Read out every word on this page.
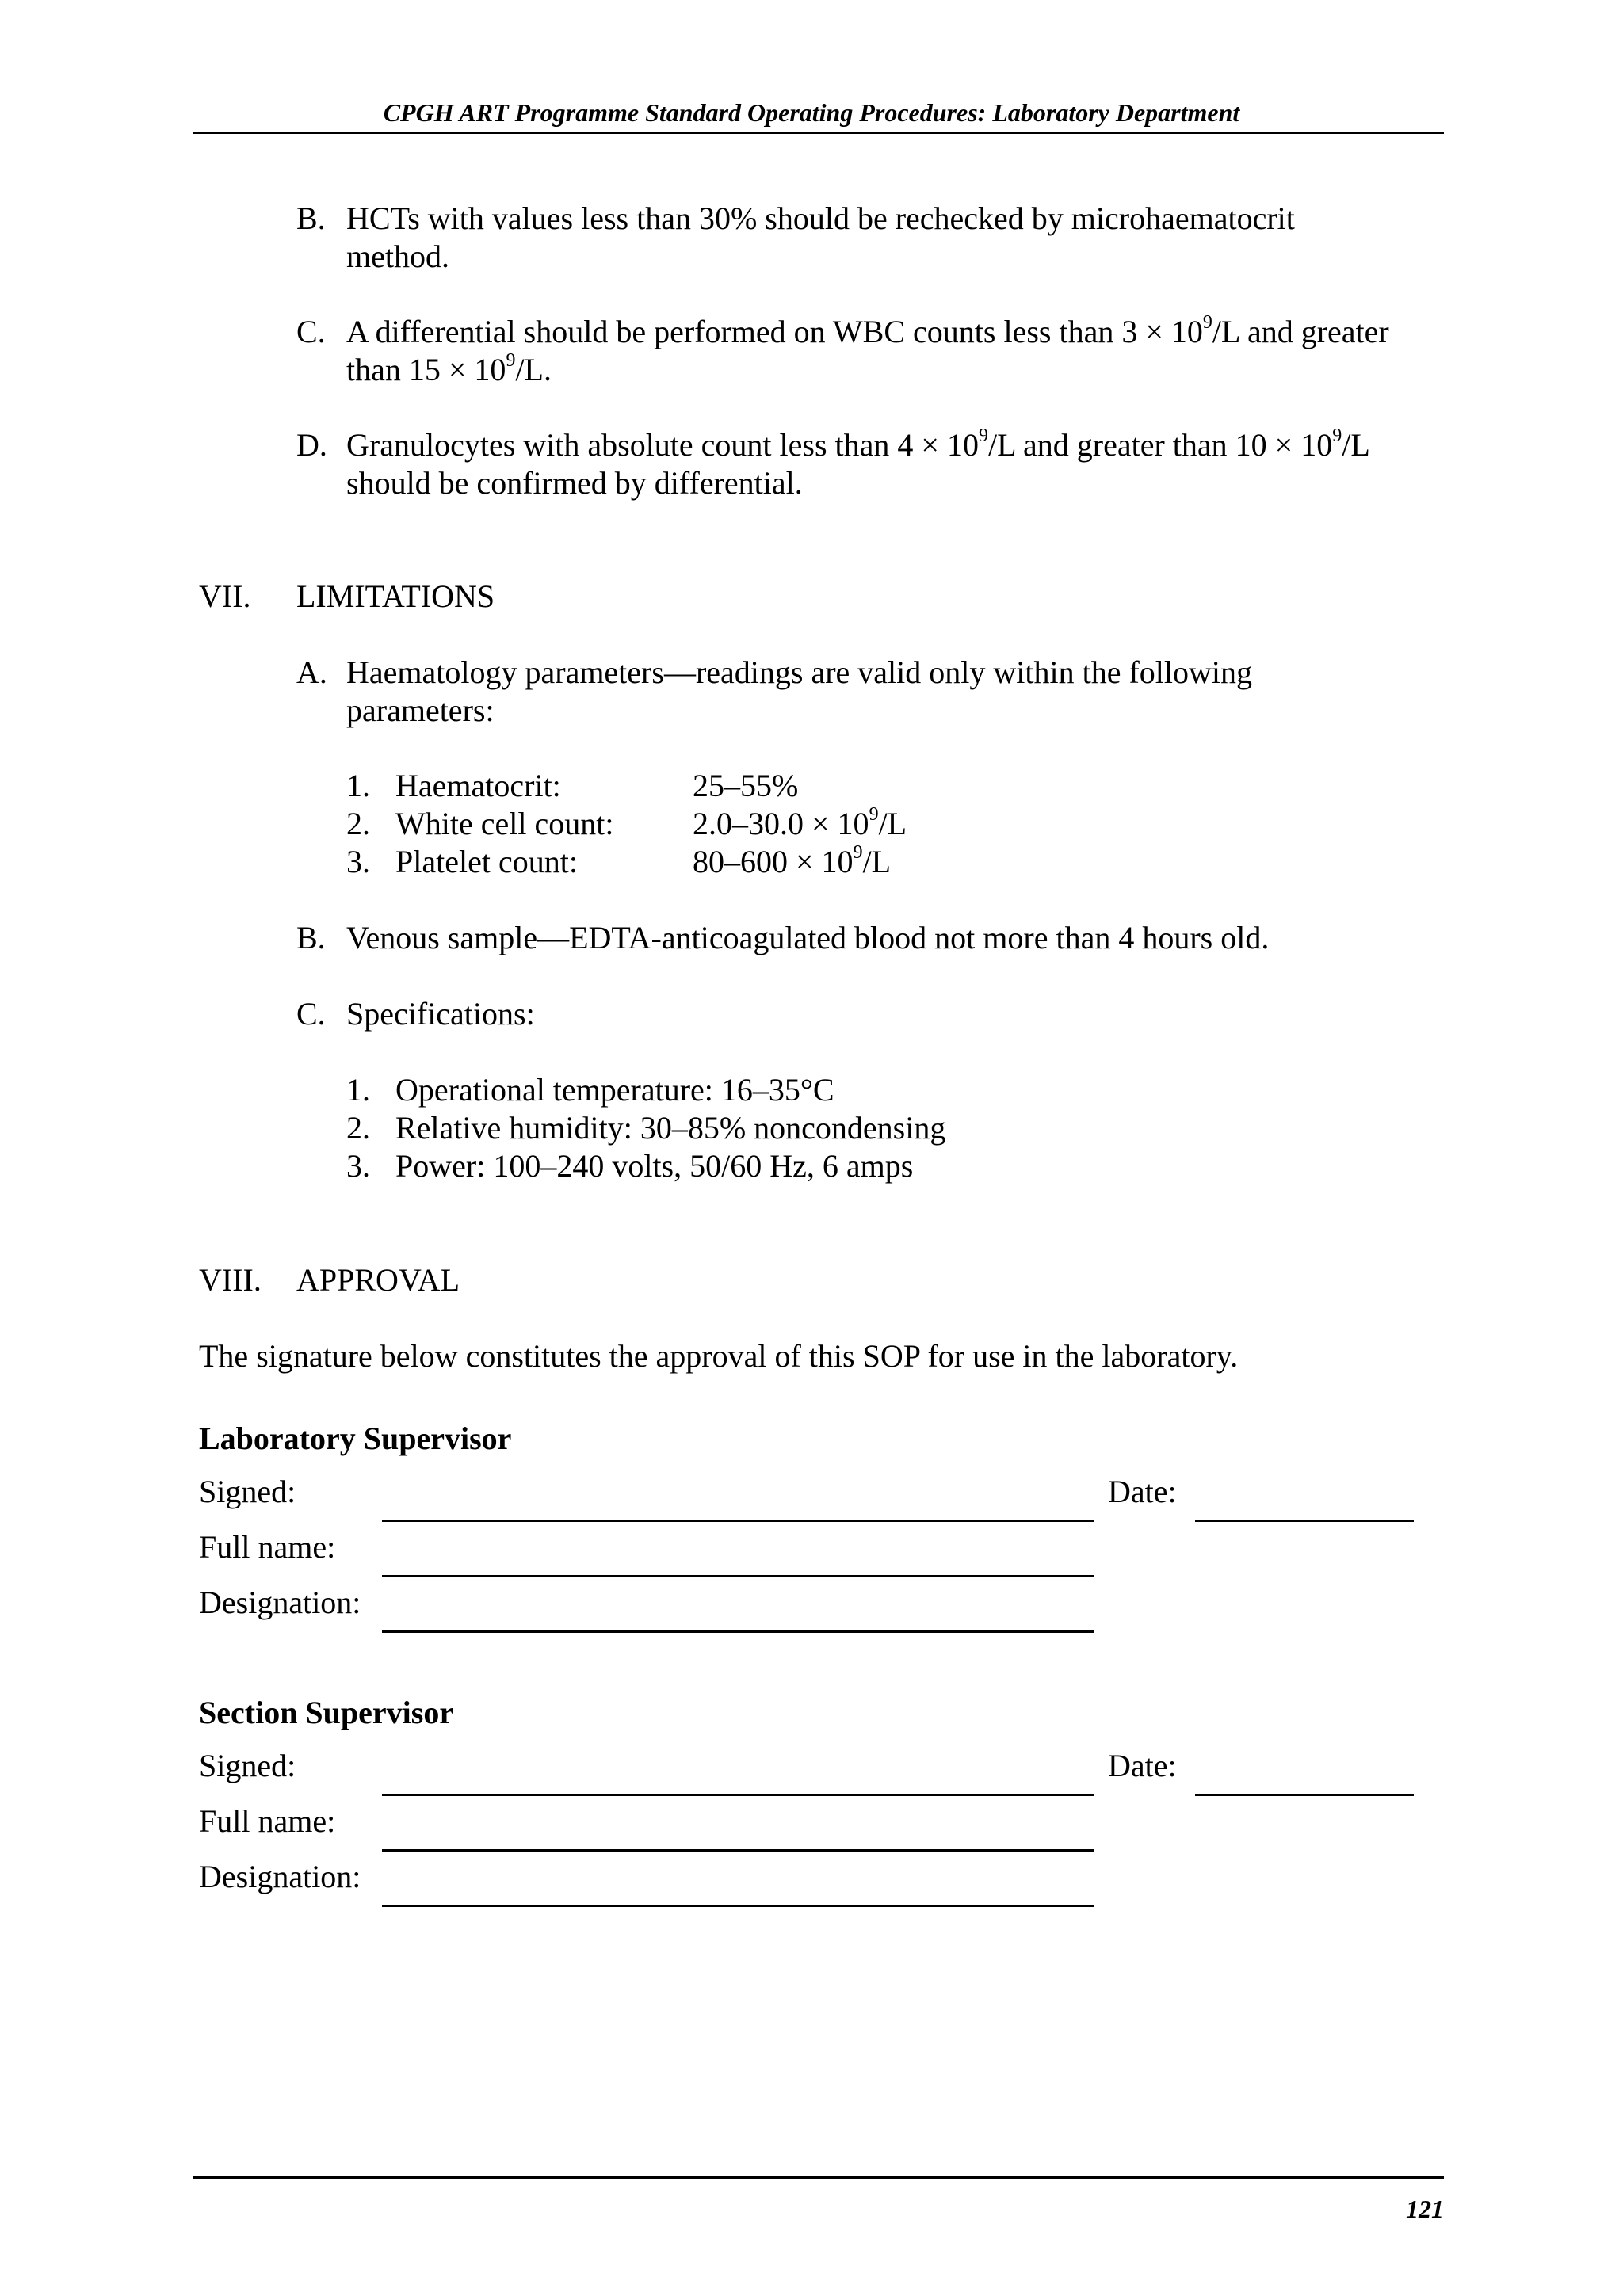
CPGH ART Programme Standard Operating Procedures: Laboratory Department
B. HCTs with values less than 30% should be rechecked by microhaematocrit
method.
C. A differential should be performed on WBC counts less than $3 \times 10^9/L$ and greater
than $15 \times 10^9/L$.
D. Granulocytes with absolute count less than $4 \times 10^9/L$ and greater than $10 \times 10^9/L$
should be confirmed by differential.
VII. LIMITATIONS
A. Haematology parameters—readings are valid only within the following
parameters:
1. Haematocrit:	25–55%
2. White cell count: $2.0-30.0 \times 10^9/L$
3. Platelet count:	$80-600 \times 10^9/L$
B. Venous sample—EDTA-anticoagulated blood not more than 4 hours old.
C. Specifications:
1. Operational temperature: 16–35°C
2. Relative humidity: 30–85% noncondensing
3. Power: 100–240 volts, 50/60 Hz, 6 amps
VIII. APPROVAL
The signature below constitutes the approval of this SOP for use in the laboratory.
Laboratory Supervisor
Signed:	Date:
Full name:
Designation:
Section Supervisor
Signed:	Date:
Full name:
Designation:
121
